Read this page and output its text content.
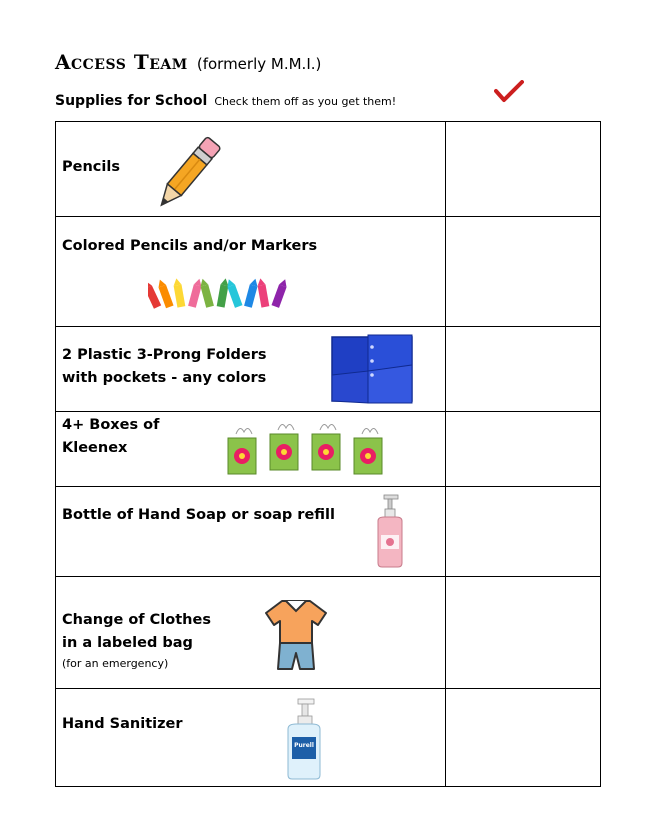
Access Team (formerly M.M.I.)
Supplies for School Check them off as you get them!
Pencils
Colored Pencils and/or Markers
2 Plastic 3-Prong Folders
with pockets - any colors
4+ Boxes of
Kleenex
Bottle of Hand Soap or soap refill
Change of Clothes
in a labeled bag
(for an emergency)
Hand Sanitizer
Purell
